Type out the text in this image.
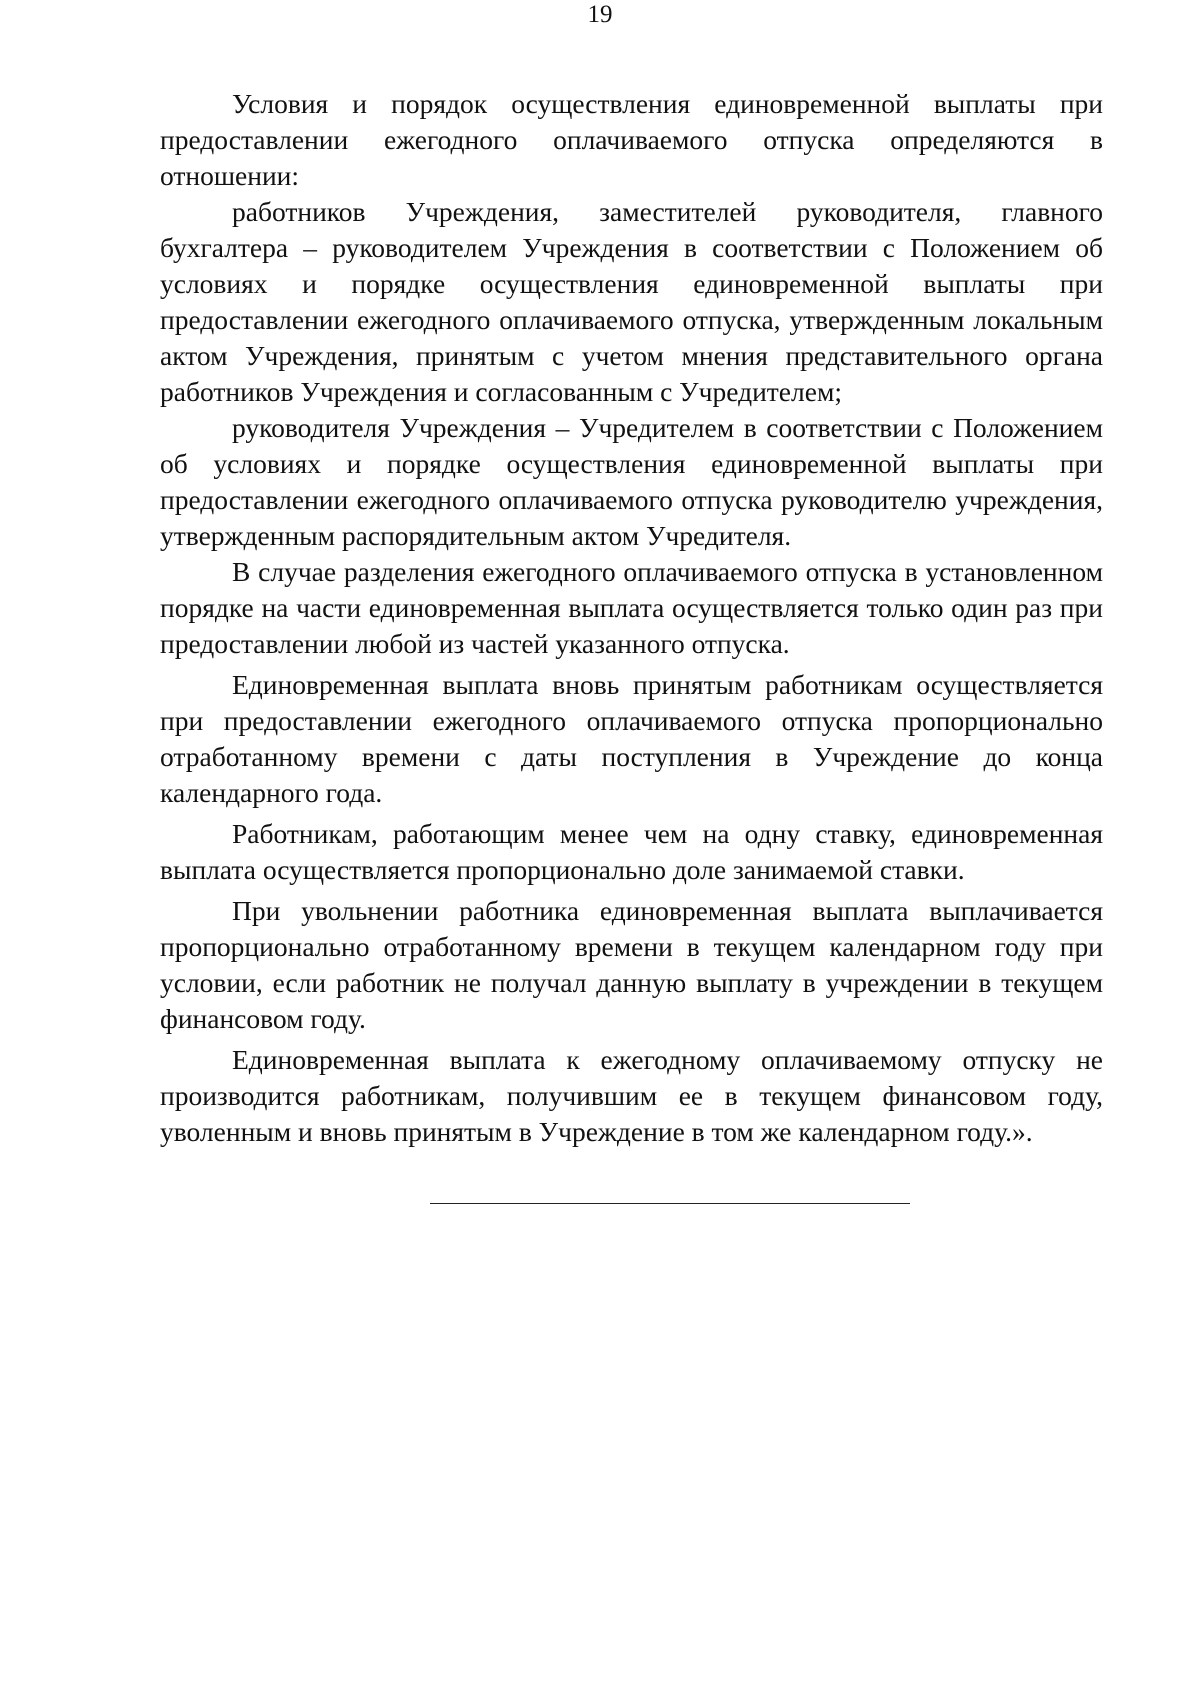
19

Условия и порядок осуществления единовременной выплаты при предоставлении ежегодного оплачиваемого отпуска определяются в отношении:

работников Учреждения, заместителей руководителя, главного бухгалтера – руководителем Учреждения в соответствии с Положением об условиях и порядке осуществления единовременной выплаты при предоставлении ежегодного оплачиваемого отпуска, утвержденным локальным актом Учреждения, принятым с учетом мнения представительного органа работников Учреждения и согласованным с Учредителем;

руководителя Учреждения – Учредителем в соответствии с Положением об условиях и порядке осуществления единовременной выплаты при предоставлении ежегодного оплачиваемого отпуска руководителю учреждения, утвержденным распорядительным актом Учредителя.

В случае разделения ежегодного оплачиваемого отпуска в установленном порядке на части единовременная выплата осуществляется только один раз при предоставлении любой из частей указанного отпуска.

Единовременная выплата вновь принятым работникам осуществляется при предоставлении ежегодного оплачиваемого отпуска пропорционально отработанному времени с даты поступления в Учреждение до конца календарного года.

Работникам, работающим менее чем на одну ставку, единовременная выплата осуществляется пропорционально доле занимаемой ставки.

При увольнении работника единовременная выплата выплачивается пропорционально отработанному времени в текущем календарном году при условии, если работник не получал данную выплату в учреждении в текущем финансовом году.

Единовременная выплата к ежегодному оплачиваемому отпуску не производится работникам, получившим ее в текущем финансовом году, уволенным и вновь принятым в Учреждение в том же календарном году.».
